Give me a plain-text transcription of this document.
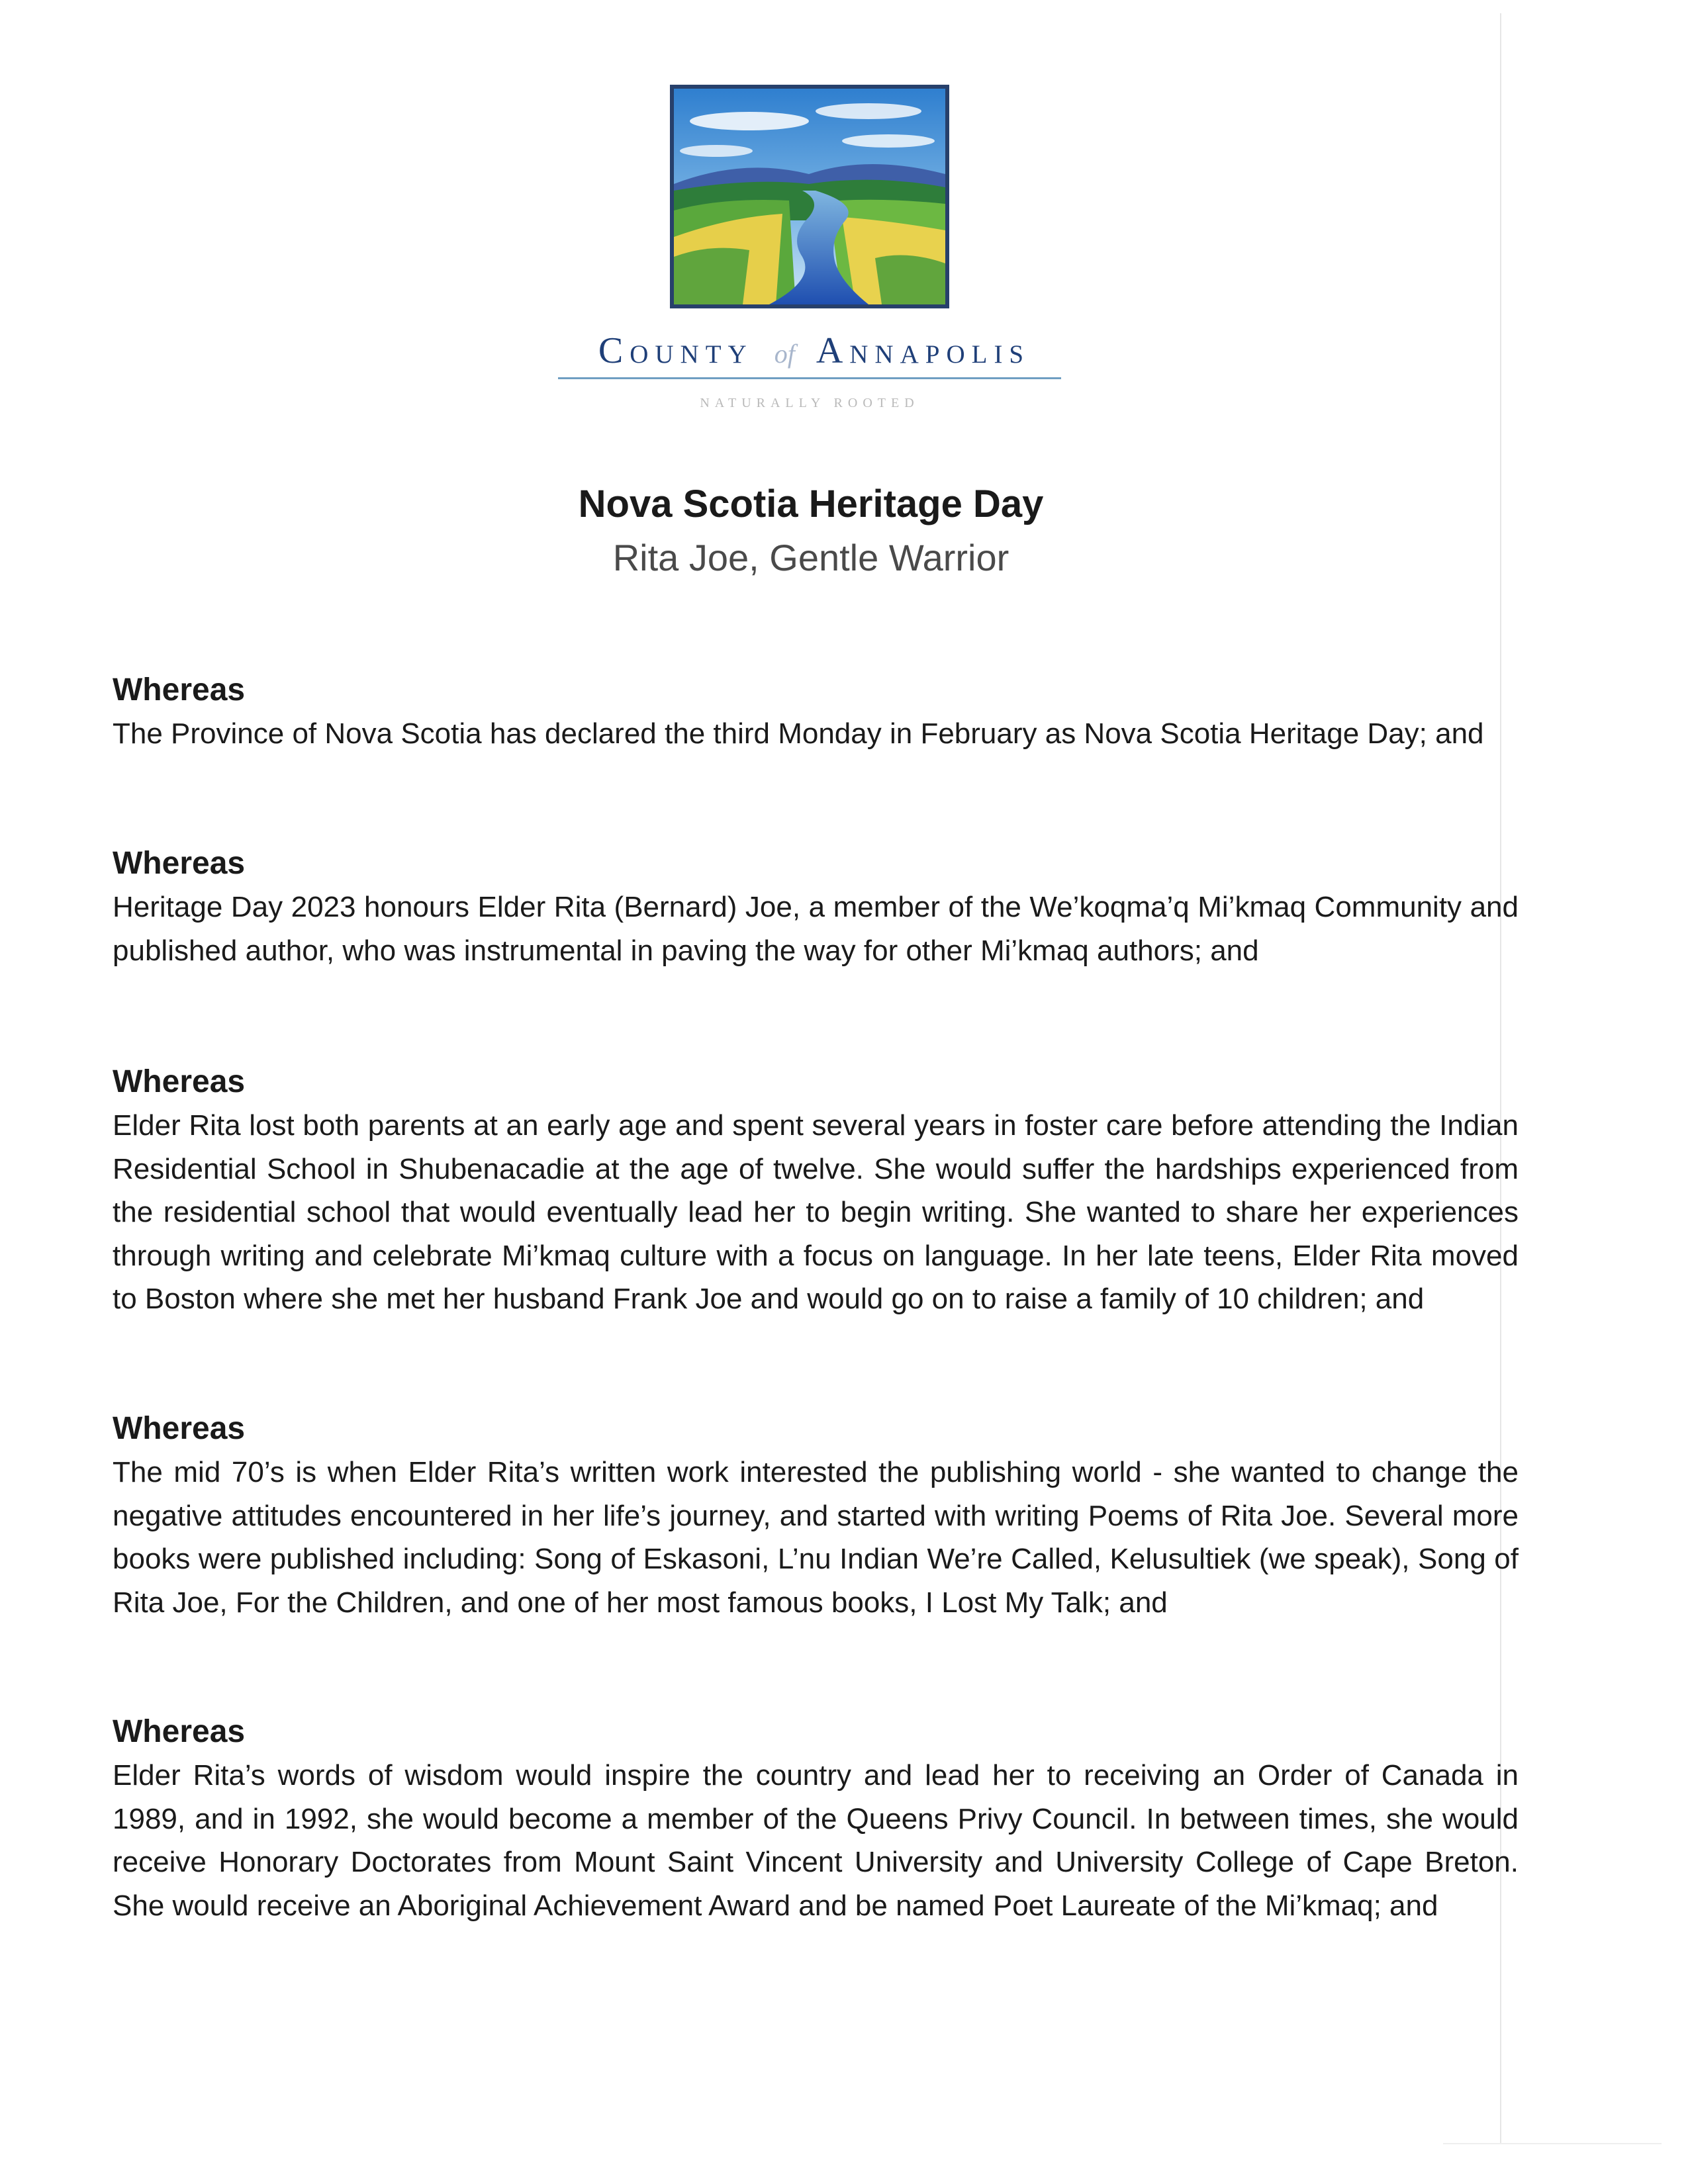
County of Annapolis
NATURALLY ROOTED
Nova Scotia Heritage Day
Rita Joe, Gentle Warrior

Whereas

The Province of Nova Scotia has declared the third Monday in February as Nova Scotia Heritage Day; and

Whereas

Heritage Day 2023 honours Elder Rita (Bernard) Joe, a member of the We’koqma’q Mi’kmaq Community and published author, who was instrumental in paving the way for other Mi’kmaq authors; and

Whereas

Elder Rita lost both parents at an early age and spent several years in foster care before attending the Indian Residential School in Shubenacadie at the age of twelve. She would suffer the hardships experienced from the residential school that would eventually lead her to begin writing. She wanted to share her experiences through writing and celebrate Mi’kmaq culture with a focus on language. In her late teens, Elder Rita moved to Boston where she met her husband Frank Joe and would go on to raise a family of 10 children; and

Whereas

The mid 70’s is when Elder Rita’s written work interested the publishing world - she wanted to change the negative attitudes encountered in her life’s journey, and started with writing Poems of Rita Joe. Several more books were published including: Song of Eskasoni, L’nu Indian We’re Called, Kelusultiek (we speak), Song of Rita Joe, For the Children, and one of her most famous books, I Lost My Talk; and

Whereas

Elder Rita’s words of wisdom would inspire the country and lead her to receiving an Order of Canada in 1989, and in 1992, she would become a member of the Queens Privy Council. In between times, she would receive Honorary Doctorates from Mount Saint Vincent University and University College of Cape Breton. She would receive an Aboriginal Achievement Award and be named Poet Laureate of the Mi’kmaq; and
